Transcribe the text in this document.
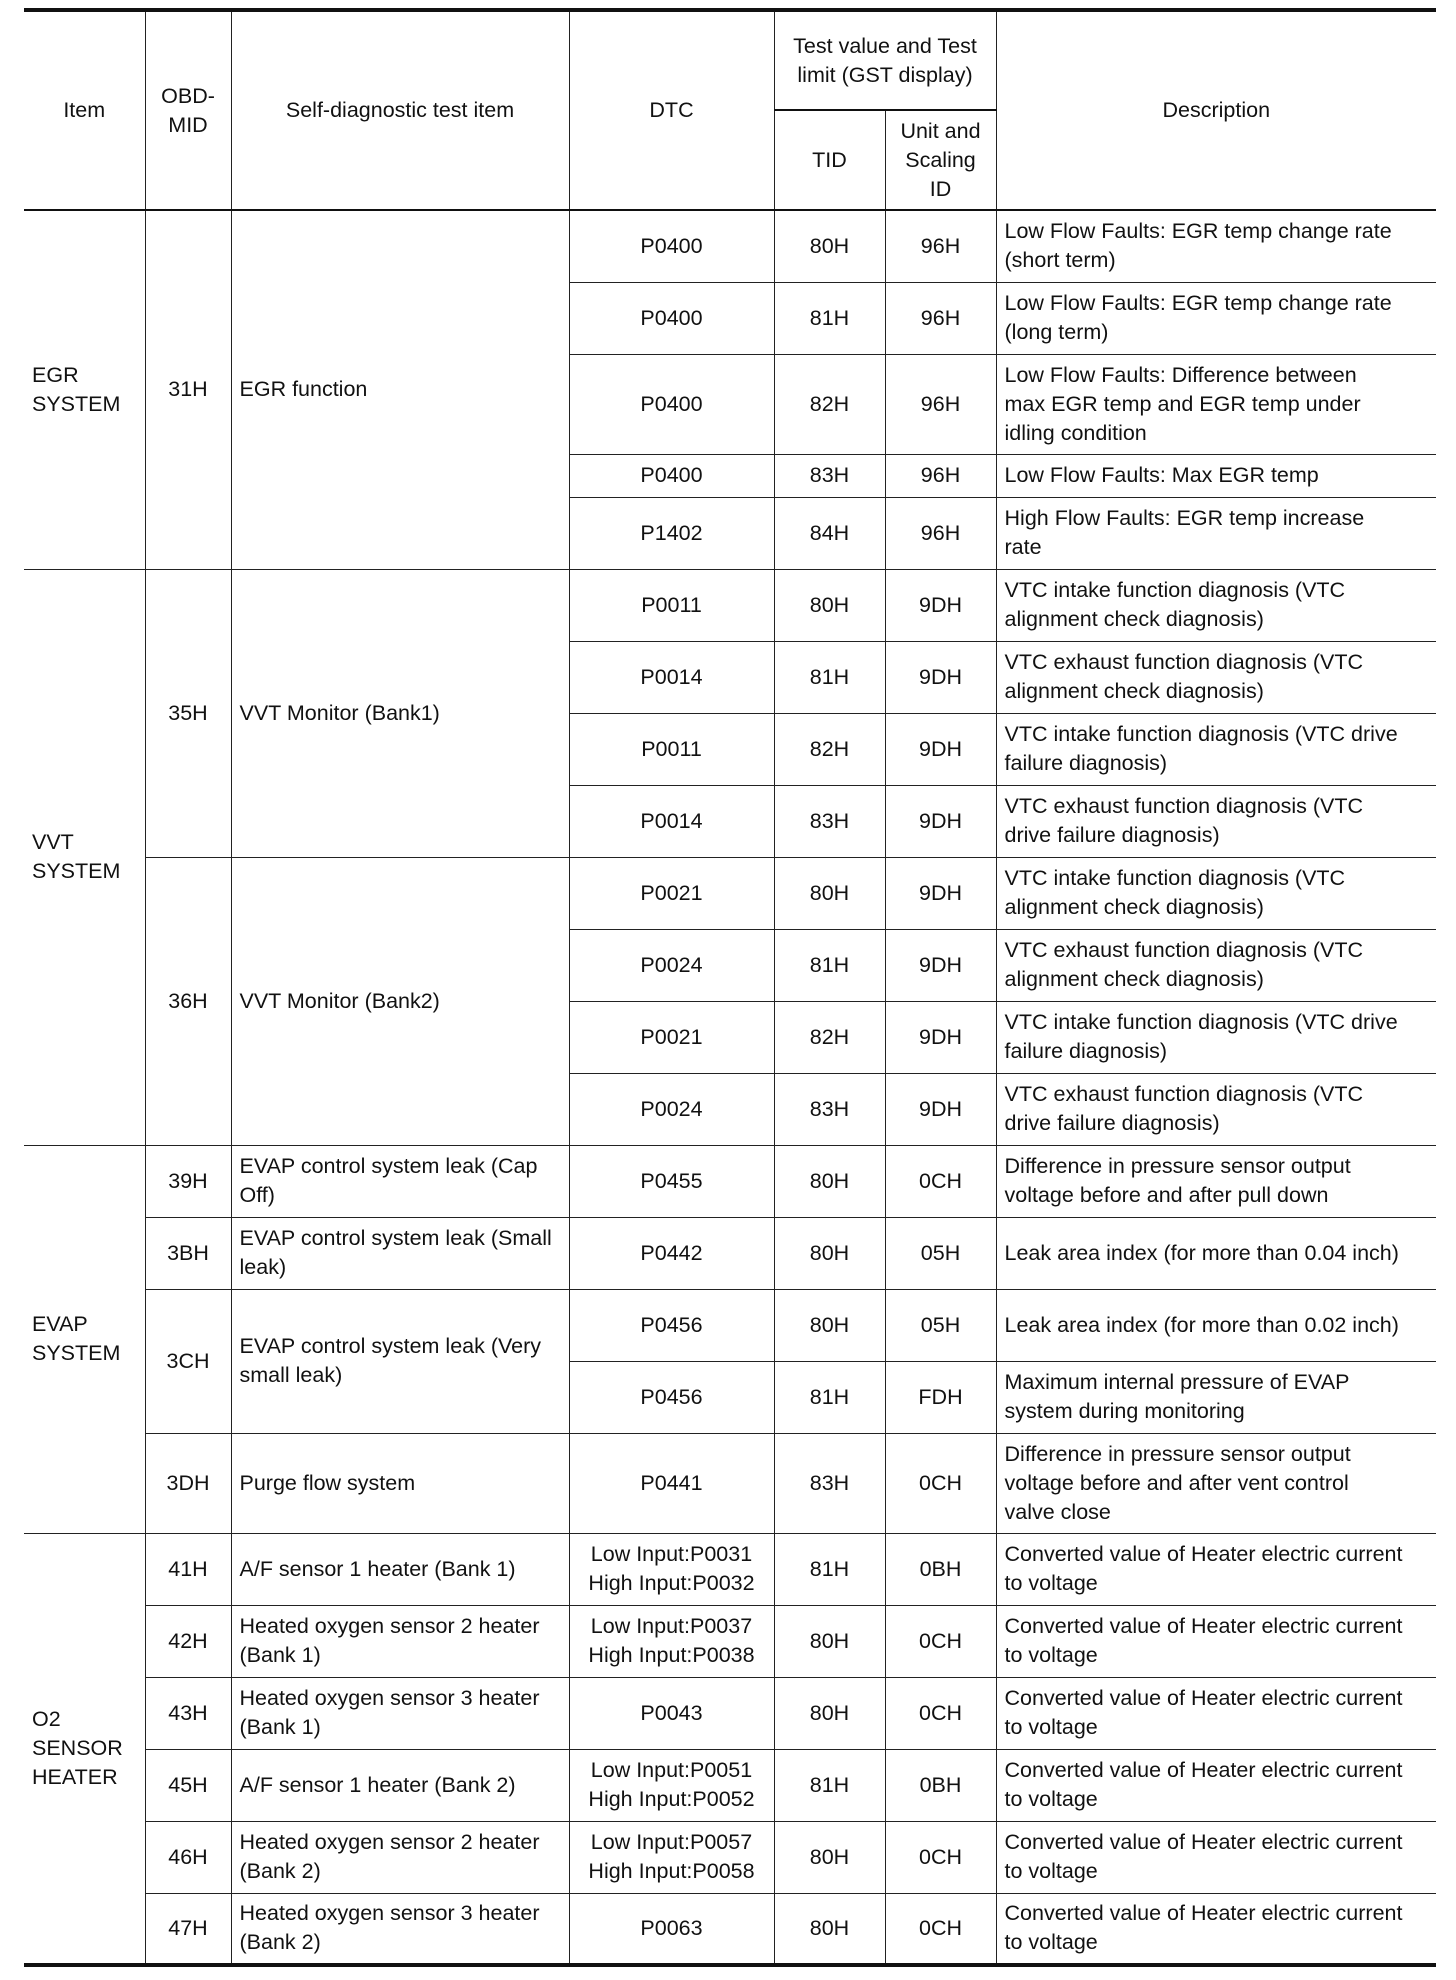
Item	OBD-MID	Self-diagnostic test item	DTC	Test value and Test limit (GST display)		Description
				TID	Unit and Scaling ID	

EGR
SYSTEM	31H	EGR function	P0400	80H	96H	Low Flow Faults: EGR temp change rate
(short term)

			P0400	81H	96H	Low Flow Faults: EGR temp change rate
(long term)

			P0400	82H	96H	Low Flow Faults: Difference between
max EGR temp and EGR temp under
idling condition

			P0400	83H	96H	Low Flow Faults: Max EGR temp

			P1402	84H	96H	High Flow Faults: EGR temp increase
rate

VVT
SYSTEM	35H	VVT Monitor (Bank1)	P0011	80H	9DH	VTC intake function diagnosis (VTC
alignment check diagnosis)

			P0014	81H	9DH	VTC exhaust function diagnosis (VTC
alignment check diagnosis)

			P0011	82H	9DH	VTC intake function diagnosis (VTC drive
failure diagnosis)

			P0014	83H	9DH	VTC exhaust function diagnosis (VTC
drive failure diagnosis)

	36H	VVT Monitor (Bank2)	P0021	80H	9DH	VTC intake function diagnosis (VTC
alignment check diagnosis)

			P0024	81H	9DH	VTC exhaust function diagnosis (VTC
alignment check diagnosis)

			P0021	82H	9DH	VTC intake function diagnosis (VTC drive
failure diagnosis)

			P0024	83H	9DH	VTC exhaust function diagnosis (VTC
drive failure diagnosis)

EVAP
SYSTEM	39H	EVAP control system leak (Cap
Off)	P0455	80H	0CH	Difference in pressure sensor output
voltage before and after pull down

	3BH	EVAP control system leak (Small
leak)	P0442	80H	05H	Leak area index (for more than 0.04 inch)

	3CH	EVAP control system leak (Very
small leak)	P0456	80H	05H	Leak area index (for more than 0.02 inch)

			P0456	81H	FDH	Maximum internal pressure of EVAP
system during monitoring

	3DH	Purge flow system	P0441	83H	0CH	Difference in pressure sensor output
voltage before and after vent control
valve close

O2
SENSOR
HEATER	41H	A/F sensor 1 heater (Bank 1)	Low Input:P0031
High Input:P0032	81H	0BH	Converted value of Heater electric current
to voltage

	42H	Heated oxygen sensor 2 heater
(Bank 1)	Low Input:P0037
High Input:P0038	80H	0CH	Converted value of Heater electric current
to voltage

	43H	Heated oxygen sensor 3 heater
(Bank 1)	P0043	80H	0CH	Converted value of Heater electric current
to voltage

	45H	A/F sensor 1 heater (Bank 2)	Low Input:P0051
High Input:P0052	81H	0BH	Converted value of Heater electric current
to voltage

	46H	Heated oxygen sensor 2 heater
(Bank 2)	Low Input:P0057
High Input:P0058	80H	0CH	Converted value of Heater electric current
to voltage

	47H	Heated oxygen sensor 3 heater
(Bank 2)	P0063	80H	0CH	Converted value of Heater electric current
to voltage
